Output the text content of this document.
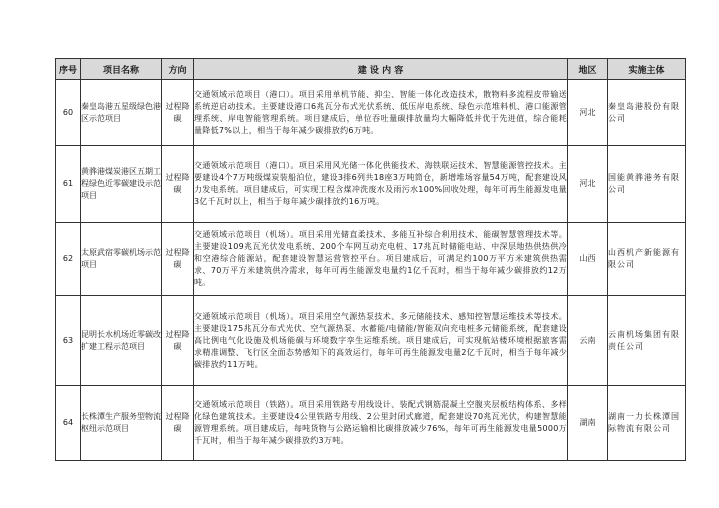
序号	项目名称	方向	建 设 内 容	地区	实施主体
60	秦皇岛港五星级绿色港区示范项目	过程降碳	交通领域示范项目（港口）。项目采用单机节能、抑尘、智能一体化改造技术，散物料多流程皮带输送系统逆启动技术。主要建设港口6兆瓦分布式光伏系统、低压岸电系统、绿色示范堆料机、港口能源管理系统、岸电智能管理系统。项目建成后，单位吞吐量碳排放量均大幅降低并优于先进值，综合能耗量降低7%以上，相当于每年减少碳排放约6万吨。	河北	秦皇岛港股份有限公司
61	黄骅港煤炭港区五期工程绿色近零碳建设示范项目	过程降碳	交通领域示范项目（港口）。项目采用风光储一体化供能技术、海铁联运技术、智慧能源管控技术。主要建设4个7万吨级煤炭装船泊位，建设3排6列共18座3万吨筒仓，新增堆场容量54万吨，配套建设风力发电系统。项目建成后，可实现工程含煤冲洗废水及雨污水100%回收处理，每年可再生能源发电量3亿千瓦时以上，相当于每年减少碳排放约16万吨。	河北	国能黄骅港务有限公司
62	太原武宿零碳机场示范项目	过程降碳	交通领域示范项目（机场）。项目采用光储直柔技术、多能互补综合利用技术、能碳智慧管理技术等。主要建设109兆瓦光伏发电系统、200个车网互动充电桩、17兆瓦时储能电站、中深层地热供热供冷和空港综合能源站，配套建设智慧运营管控平台。项目建成后，可满足约100万平方米建筑供热需求、70万平方米建筑供冷需求，每年可再生能源发电量约1亿千瓦时，相当于每年减少碳排放约12万吨。	山西	山西机产新能源有限公司
63	昆明长水机场近零碳改扩建工程示范项目	过程降碳	交通领域示范项目（机场）。项目采用空气源热泵技术、多元储能技术、感知控智慧运维技术等技术。主要建设175兆瓦分布式光伏、空气源热泵、水蓄能/电储能/智能双向充电桩多元储能系统，配套建设高比例电气化设施及机场能碳与环境数字孪生运维系统。项目建成后，可实现航站楼环境根据旅客需求精准调整、飞行区全面态势感知下的高效运行，每年可再生能源发电量2亿千瓦时，相当于每年减少碳排放约11万吨。	云南	云南机场集团有限责任公司
64	长株潭生产服务型物流枢纽示范项目	过程降碳	交通领域示范项目（铁路）。项目采用铁路专用线设计、装配式钢筋混凝土空腹夹层板结构体系、多样化绿色建筑技术。主要建设4公里铁路专用线、2公里封闭式廊道，配套建设70兆瓦光伏，构建智慧能源管理系统。项目建成后，每吨货物与公路运输相比碳排放减少76%，每年可再生能源发电量5000万千瓦时，相当于每年减少碳排放约3万吨。	湖南	湖南一力长株潭国际物流有限公司
